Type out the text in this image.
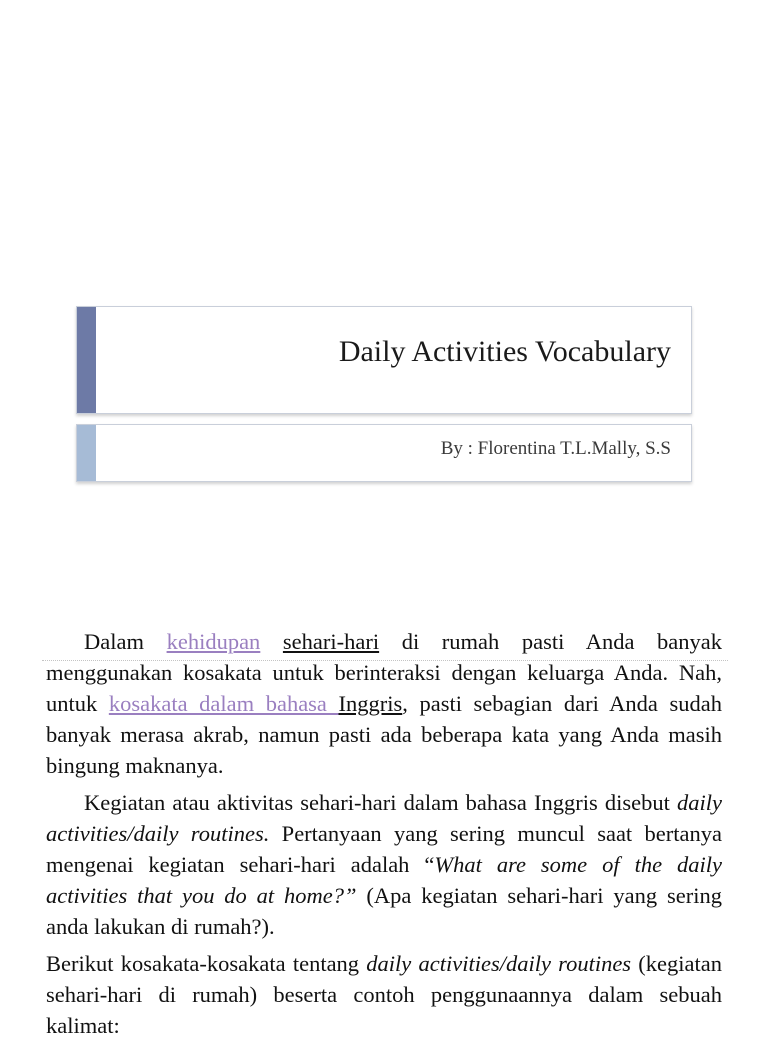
Daily Activities Vocabulary
By : Florentina T.L.Mally, S.S

Dalam kehidupan sehari-hari di rumah pasti Anda banyak menggunakan kosakata untuk berinteraksi dengan keluarga Anda. Nah, untuk kosakata dalam bahasa Inggris, pasti sebagian dari Anda sudah banyak merasa akrab, namun pasti ada beberapa kata yang Anda masih bingung maknanya.

Kegiatan atau aktivitas sehari-hari dalam bahasa Inggris disebut daily activities/daily routines. Pertanyaan yang sering muncul saat bertanya mengenai kegiatan sehari-hari adalah “What are some of the daily activities that you do at home?” (Apa kegiatan sehari-hari yang sering anda lakukan di rumah?).

Berikut kosakata-kosakata tentang daily activities/daily routines (kegiatan sehari-hari di rumah) beserta contoh penggunaannya dalam sebuah kalimat:
